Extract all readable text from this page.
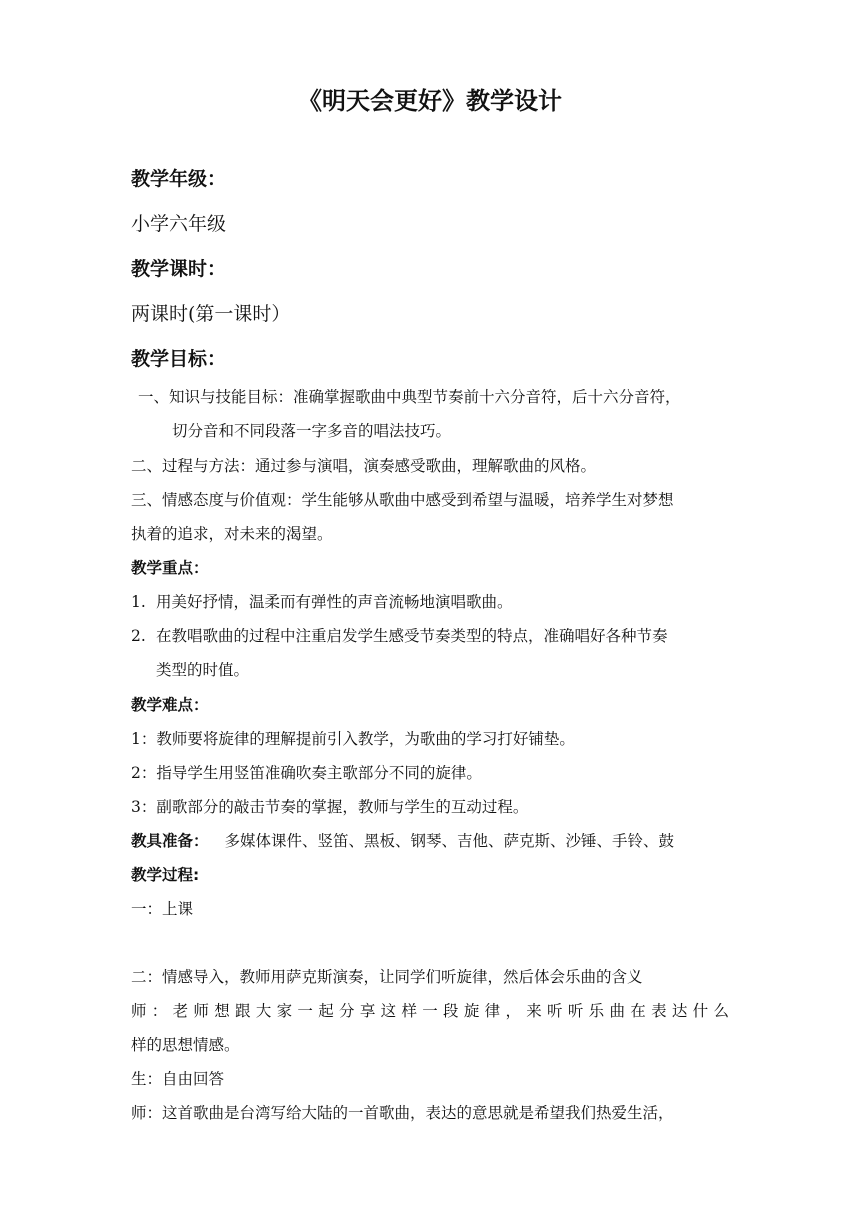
《明天会更好》教学设计
教学年级：
小学六年级
教学课时：
两课时(第一课时）
教学目标：
一、知识与技能目标：准确掌握歌曲中典型节奏前十六分音符，后十六分音符，
切分音和不同段落一字多音的唱法技巧。
二、过程与方法：通过参与演唱，演奏感受歌曲，理解歌曲的风格。
三、情感态度与价值观：学生能够从歌曲中感受到希望与温暖，培养学生对梦想
执着的追求，对未来的渴望。
教学重点：
1. 用美好抒情，温柔而有弹性的声音流畅地演唱歌曲。
2. 在教唱歌曲的过程中注重启发学生感受节奏类型的特点，准确唱好各种节奏
类型的时值。
教学难点：
1：教师要将旋律的理解提前引入教学，为歌曲的学习打好铺垫。
2：指导学生用竖笛准确吹奏主歌部分不同的旋律。
3：副歌部分的敲击节奏的掌握，教师与学生的互动过程。
教具准备： 多媒体课件、竖笛、黑板、钢琴、吉他、萨克斯、沙锤、手铃、鼓
教学过程:
一：上课
二：情感导入，教师用萨克斯演奏，让同学们听旋律，然后体会乐曲的含义
师：老师想跟大家一起分享这样一段旋律，来听听乐曲在表达什么
样的思想情感。
生：自由回答
师：这首歌曲是台湾写给大陆的一首歌曲，表达的意思就是希望我们热爱生活，
